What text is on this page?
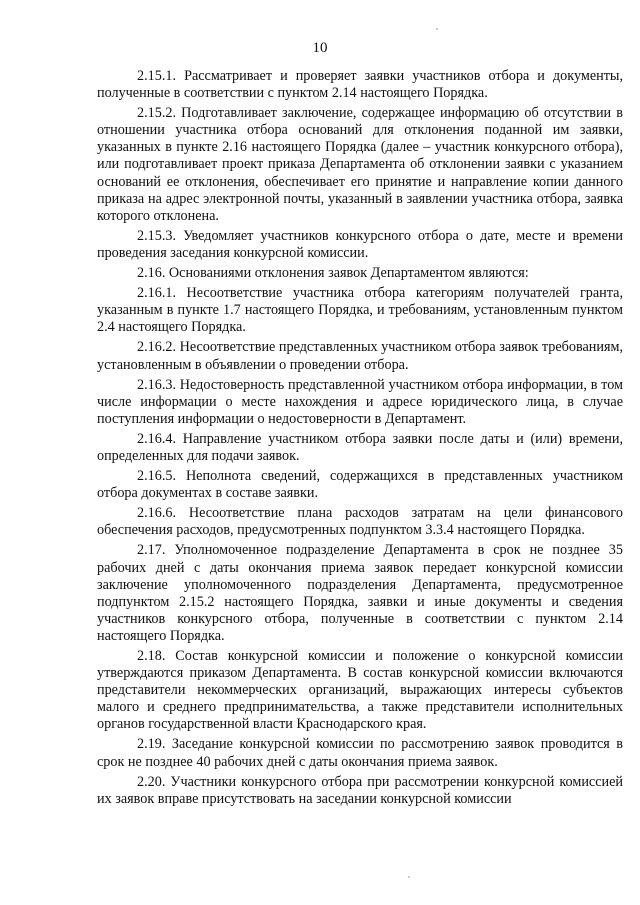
10

2.15.1. Рассматривает и проверяет заявки участников отбора и документы, полученные в соответствии с пунктом 2.14 настоящего Порядка.

2.15.2. Подготавливает заключение, содержащее информацию об отсутствии в отношении участника отбора оснований для отклонения поданной им заявки, указанных в пункте 2.16 настоящего Порядка (далее – участник конкурсного отбора), или подготавливает проект приказа Департамента об отклонении заявки с указанием оснований ее отклонения, обеспечивает его принятие и направление копии данного приказа на адрес электронной почты, указанный в заявлении участника отбора, заявка которого отклонена.

2.15.3. Уведомляет участников конкурсного отбора о дате, месте и времени проведения заседания конкурсной комиссии.

2.16. Основаниями отклонения заявок Департаментом являются:

2.16.1. Несоответствие участника отбора категориям получателей гранта, указанным в пункте 1.7 настоящего Порядка, и требованиям, установленным пунктом 2.4 настоящего Порядка.

2.16.2. Несоответствие представленных участником отбора заявок требованиям, установленным в объявлении о проведении отбора.

2.16.3. Недостоверность представленной участником отбора информации, в том числе информации о месте нахождения и адресе юридического лица, в случае поступления информации о недостоверности в Департамент.

2.16.4. Направление участником отбора заявки после даты и (или) времени, определенных для подачи заявок.

2.16.5. Неполнота сведений, содержащихся в представленных участником отбора документах в составе заявки.

2.16.6. Несоответствие плана расходов затратам на цели финансового обеспечения расходов, предусмотренных подпунктом 3.3.4 настоящего Порядка.

2.17. Уполномоченное подразделение Департамента в срок не позднее 35 рабочих дней с даты окончания приема заявок передает конкурсной комиссии заключение уполномоченного подразделения Департамента, предусмотренное подпунктом 2.15.2 настоящего Порядка, заявки и иные документы и сведения участников конкурсного отбора, полученные в соответствии с пунктом 2.14 настоящего Порядка.

2.18. Состав конкурсной комиссии и положение о конкурсной комиссии утверждаются приказом Департамента. В состав конкурсной комиссии включаются представители некоммерческих организаций, выражающих интересы субъектов малого и среднего предпринимательства, а также представители исполнительных органов государственной власти Краснодарского края.

2.19. Заседание конкурсной комиссии по рассмотрению заявок проводится в срок не позднее 40 рабочих дней с даты окончания приема заявок.

2.20. Участники конкурсного отбора при рассмотрении конкурсной комиссией их заявок вправе присутствовать на заседании конкурсной комиссии
